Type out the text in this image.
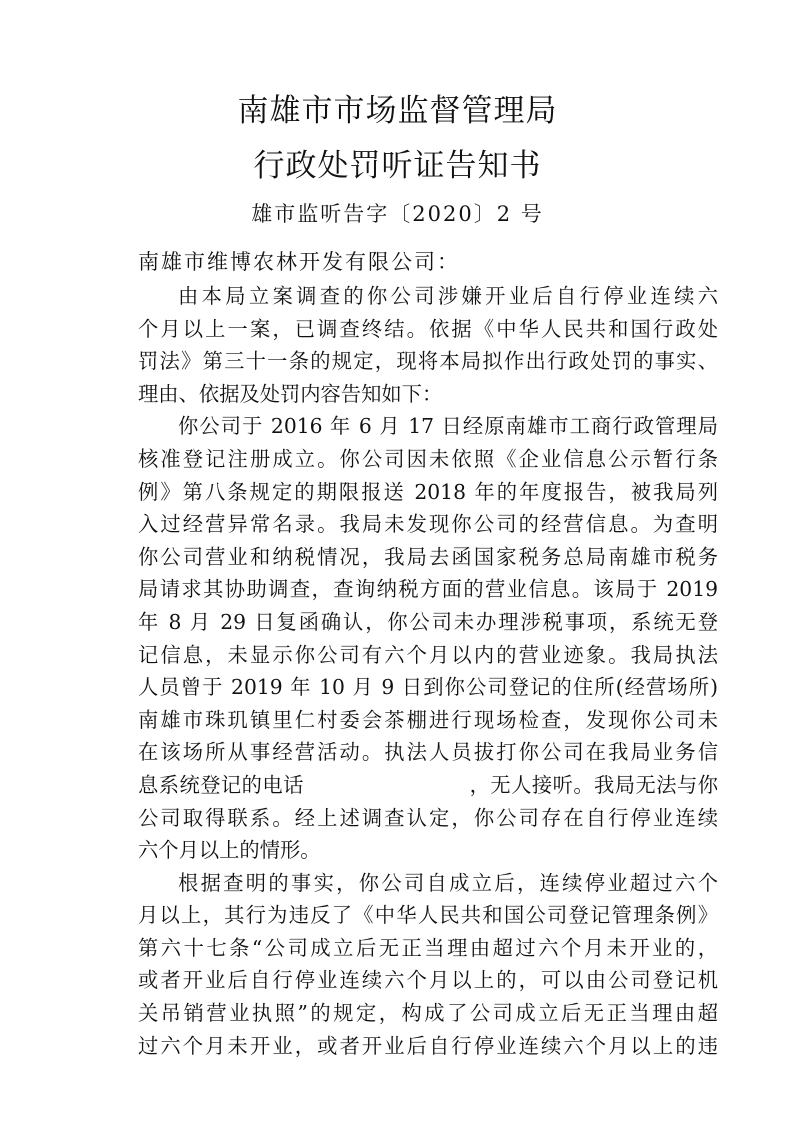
南雄市市场监督管理局
行政处罚听证告知书
雄市监听告字〔2020〕2 号
南雄市维博农林开发有限公司：
由本局立案调查的你公司涉嫌开业后自行停业连续六
个月以上一案，已调查终结。依据《中华人民共和国行政处
罚法》第三十一条的规定，现将本局拟作出行政处罚的事实、
理由、依据及处罚内容告知如下：
你公司于 2016 年 6 月 17 日经原南雄市工商行政管理局
核准登记注册成立。你公司因未依照《企业信息公示暂行条
例》第八条规定的期限报送 2018 年的年度报告，被我局列
入过经营异常名录。我局未发现你公司的经营信息。为查明
你公司营业和纳税情况，我局去函国家税务总局南雄市税务
局请求其协助调查，查询纳税方面的营业信息。该局于 2019
年 8 月 29 日复函确认，你公司未办理涉税事项，系统无登
记信息，未显示你公司有六个月以内的营业迹象。我局执法
人员曾于 2019 年 10 月 9 日到你公司登记的住所(经营场所)
南雄市珠玑镇里仁村委会茶棚进行现场检查，发现你公司未
在该场所从事经营活动。执法人员拔打你公司在我局业务信
息系统登记的电话　　　　　　　　，无人接听。我局无法与你
公司取得联系。经上述调查认定，你公司存在自行停业连续
六个月以上的情形。
根据查明的事实，你公司自成立后，连续停业超过六个
月以上，其行为违反了《中华人民共和国公司登记管理条例》
第六十七条“公司成立后无正当理由超过六个月未开业的，
或者开业后自行停业连续六个月以上的，可以由公司登记机
关吊销营业执照”的规定，构成了公司成立后无正当理由超
过六个月未开业，或者开业后自行停业连续六个月以上的违
